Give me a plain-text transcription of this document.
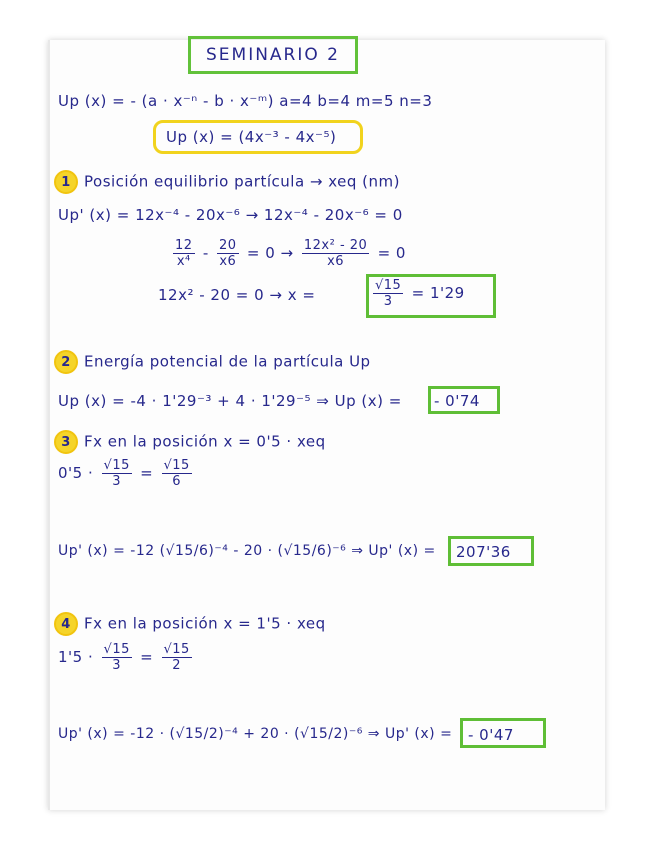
SEMINARIO 2
Up (x) = - (a · x⁻ⁿ - b · x⁻ᵐ) a=4 b=4 m=5 n=3
Up (x) = (4x⁻³ - 4x⁻⁵)
1 Posición equilibrio partícula → xeq (nm)
Up' (x) = 12x⁻⁴ - 20x⁻⁶ → 12x⁻⁴ - 20x⁻⁶ = 0
$\frac{12}{\text{x⁴}} - \frac{20}{x6} = 0 \to \frac{\text{12x² - 20}}{x6} = 0$
12x² - 20 = 0 → x =	$\frac{√15}{3} = 1'29$
2 Energía potencial de la partícula Up
Up (x) = -4 · 1'29⁻³ + 4 · 1'29⁻⁵ ⇒ Up (x) = - 0'74
3 Fx en la posición x = 0'5 · xeq
$0'5 \cdot \frac{√15}{3} = \frac{√15}{6}$
Up' (x) = -12 (√15/6)⁻⁴ - 20 · (√15/6)⁻⁶ ⇒ Up' (x) = 207'36
4 Fx en la posición x = 1'5 · xeq
$1'5 \cdot \frac{√15}{3} = \frac{√15}{2}$
Up' (x) = -12 · (√15/2)⁻⁴ + 20 · (√15/2)⁻⁶ ⇒ Up' (x) = - 0'47
